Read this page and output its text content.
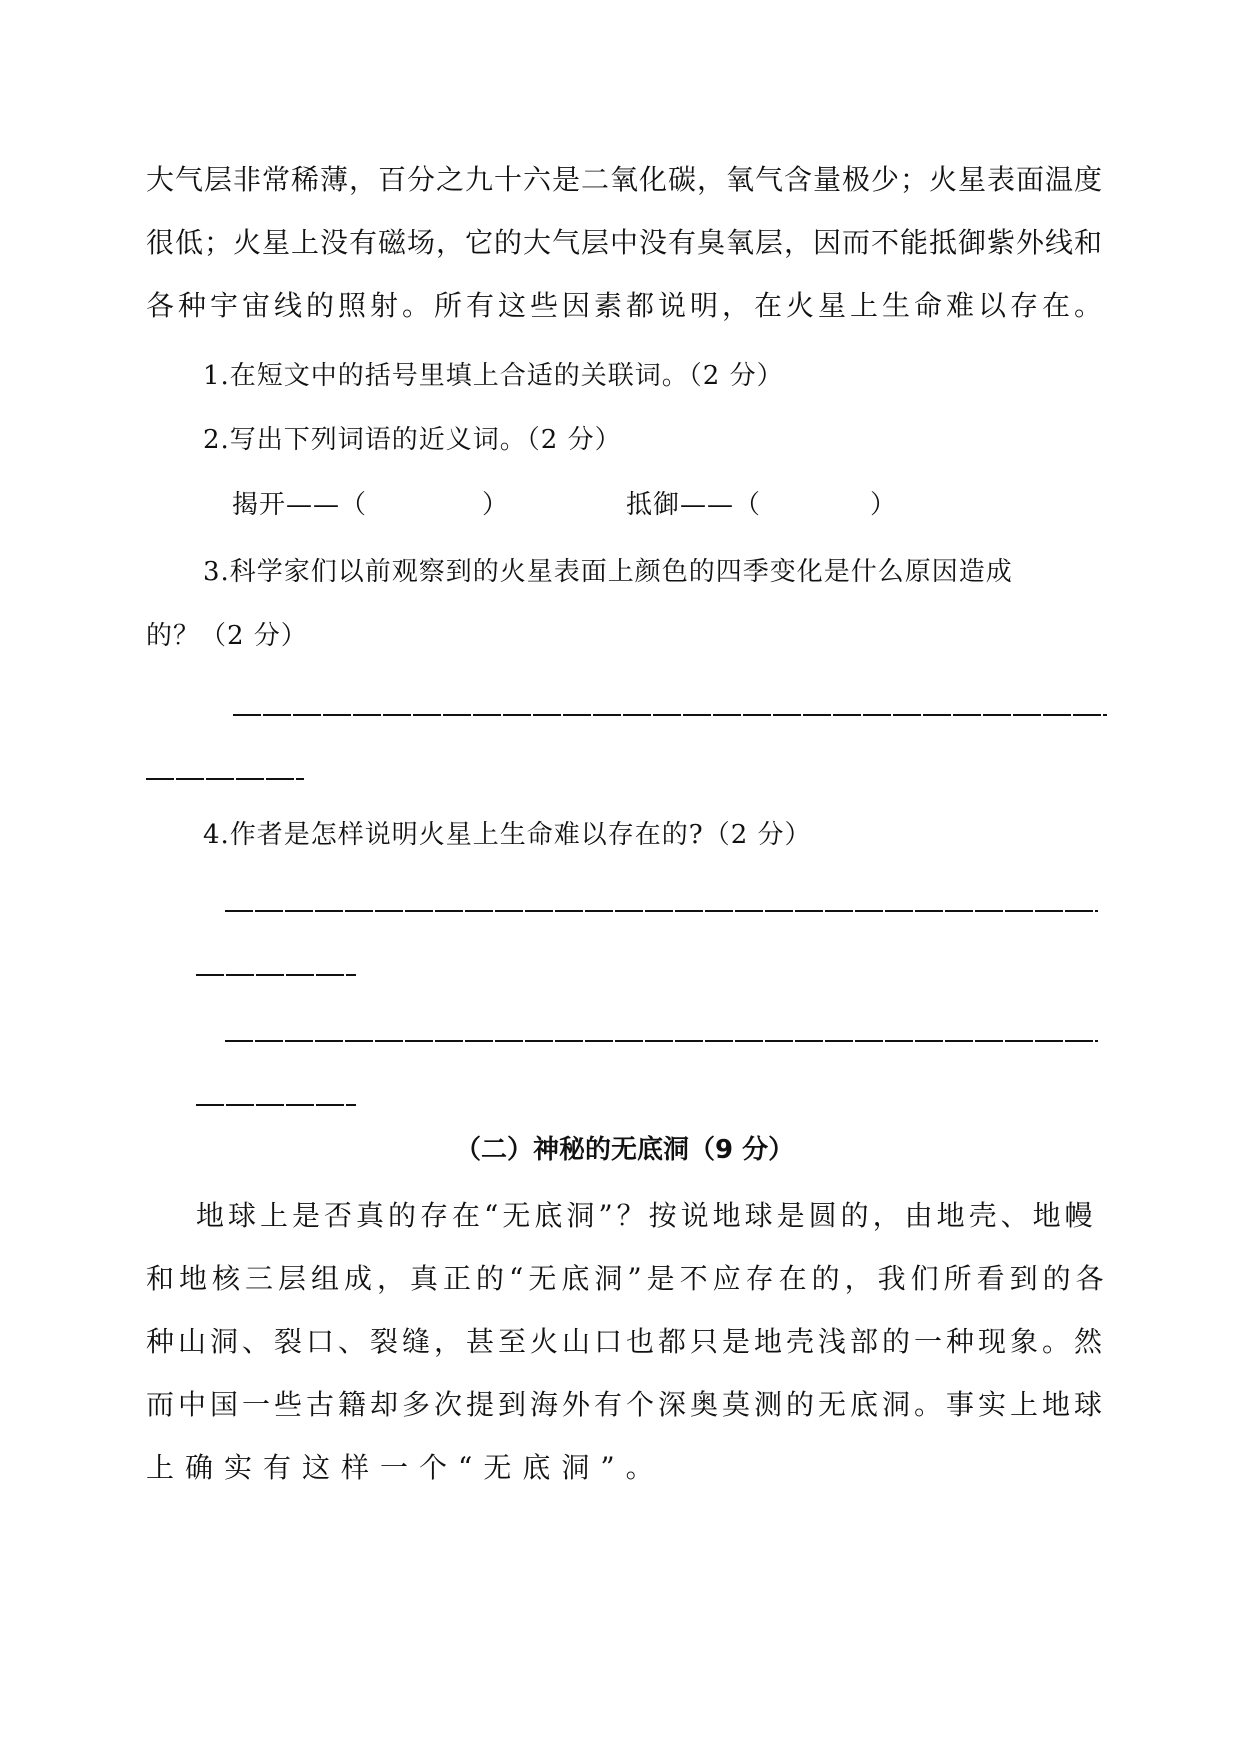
大气层非常稀薄，百分之九十六是二氧化碳，氧气含量极少；火星表面温度
很低；火星上没有磁场，它的大气层中没有臭氧层，因而不能抵御紫外线和
各种宇宙线的照射。所有这些因素都说明，在火星上生命难以存在。
1.在短文中的括号里填上合适的关联词。（2 分）
2.写出下列词语的近义词。（2 分）
揭开——（	）	抵御——（	）
3.科学家们以前观察到的火星表面上颜色的四季变化是什么原因造成
的？（2 分）
4.作者是怎样说明火星上生命难以存在的?（2 分）
（二）神秘的无底洞（9 分）
地球上是否真的存在“无底洞”？按说地球是圆的，由地壳、地幔
和地核三层组成，真正的“无底洞”是不应存在的，我们所看到的各
种山洞、裂口、裂缝，甚至火山口也都只是地壳浅部的一种现象。然
而中国一些古籍却多次提到海外有个深奥莫测的无底洞。事实上地球
上确实有这样一个“无底洞”。
